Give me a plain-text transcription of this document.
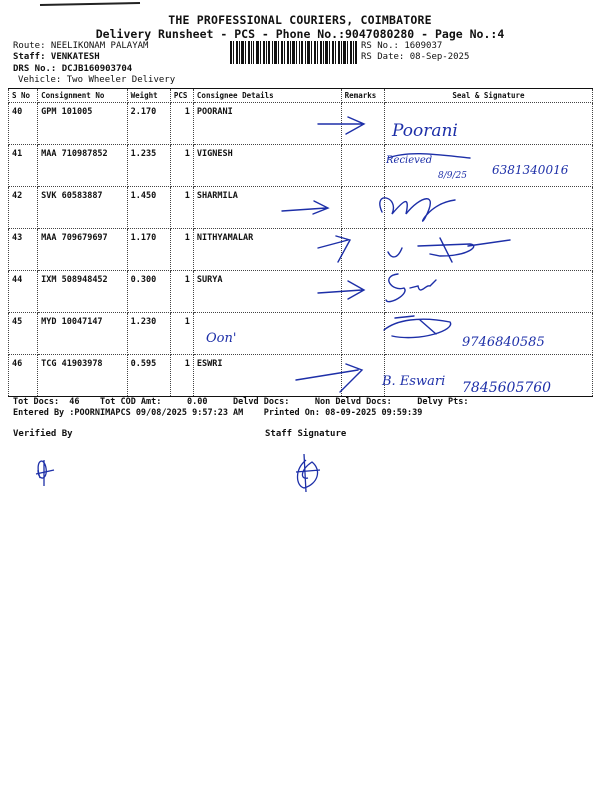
THE PROFESSIONAL COURIERS, COIMBATORE
Delivery Runsheet - PCS - Phone No.:9047080280 - Page No.:4
Route: NEELIKONAM PALAYAM
Staff: VENKATESH
DRS No.: DCJB160903704
Vehicle: Two Wheeler Delivery
RS No.: 1609037
RS Date: 08-Sep-2025
S No	Consignment No	Weight	PCS	Consignee Details	Remarks	Seal & Signature
40	GPM 101005	2.170	1	POORANI		
41	MAA 710987852	1.235	1	VIGNESH		
42	SVK 60583887	1.450	1	SHARMILA		
43	MAA 709679697	1.170	1	NITHYAMALAR		
44	IXM 508948452	0.300	1	SURYA		
45	MYD 10047147	1.230	1			
46	TCG 41903978	0.595	1	ESWRI		
Tot Docs:  46    Tot COD Amt:     0.00     Delvd Docs:     Non Delvd Docs:     Delvy Pts:
Entered By :POORNIMAPCS 09/08/2025 9:57:23 AM    Printed On: 08-09-2025 09:59:39
Verified By	Staff Signature
Poorani
Recieved
8/9/25 6381340016
Oon'	9746840585
B. Eswari 7845605760
